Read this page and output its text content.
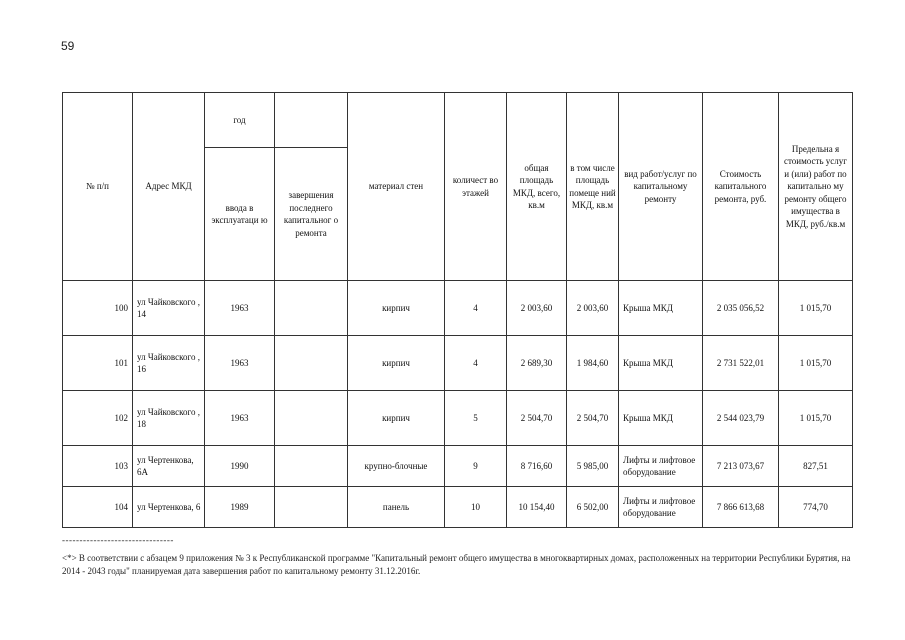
59
№ п/п	Адрес МКД	год		материал стен	количест во этажей	общая площадь МКД, всего, кв.м	в том числе площадь помеще ний МКД, кв.м	вид работ/услуг по капитальному ремонту	Стоимость капитального ремонта, руб.	Предельна я стоимость услуг и (или) работ по капитально му ремонту общего имущества в МКД, руб./кв.м
		ввода в эксплуатаци ю	завершения последнего капитальног о ремонта							
100	ул Чайковского , 14	1963		кирпич	4	2 003,60	2 003,60	Крыша МКД	2 035 056,52	1 015,70
101	ул Чайковского , 16	1963		кирпич	4	2 689,30	1 984,60	Крыша МКД	2 731 522,01	1 015,70
102	ул Чайковского , 18	1963		кирпич	5	2 504,70	2 504,70	Крыша МКД	2 544 023,79	1 015,70
103	ул Чертенкова, 6А	1990		крупно-блочные	9	8 716,60	5 985,00	Лифты и лифтовое оборудование	7 213 073,67	827,51
104	ул Чертенкова, 6	1989		панель	10	10 154,40	6 502,00	Лифты и лифтовое оборудование	7 866 613,68	774,70
--------------------------------
<*> В соответствии с абзацем 9 приложения № 3 к Республиканской программе "Капитальный ремонт общего имущества в многоквартирных домах, расположенных на территории Республики Бурятия, на 2014 - 2043 годы" планируемая дата завершения работ по капитальному ремонту 31.12.2016г.
